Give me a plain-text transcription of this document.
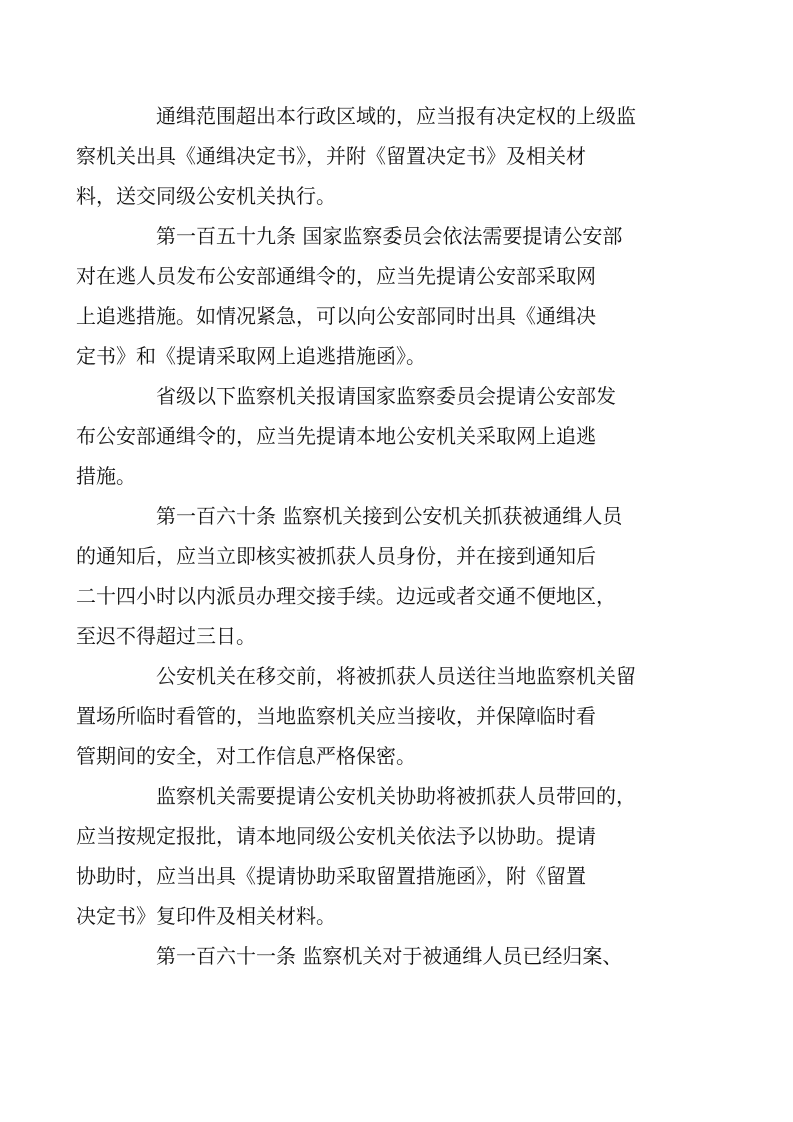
通缉范围超出本行政区域的，应当报有决定权的上级监
察机关出具《通缉决定书》，并附《留置决定书》及相关材
料，送交同级公安机关执行。

第一百五十九条 国家监察委员会依法需要提请公安部
对在逃人员发布公安部通缉令的，应当先提请公安部采取网
上追逃措施。如情况紧急，可以向公安部同时出具《通缉决
定书》和《提请采取网上追逃措施函》。

省级以下监察机关报请国家监察委员会提请公安部发
布公安部通缉令的，应当先提请本地公安机关采取网上追逃
措施。

第一百六十条 监察机关接到公安机关抓获被通缉人员
的通知后，应当立即核实被抓获人员身份，并在接到通知后
二十四小时以内派员办理交接手续。边远或者交通不便地区，
至迟不得超过三日。

公安机关在移交前，将被抓获人员送往当地监察机关留
置场所临时看管的，当地监察机关应当接收，并保障临时看
管期间的安全，对工作信息严格保密。

监察机关需要提请公安机关协助将被抓获人员带回的，
应当按规定报批，请本地同级公安机关依法予以协助。提请
协助时，应当出具《提请协助采取留置措施函》，附《留置
决定书》复印件及相关材料。

第一百六十一条 监察机关对于被通缉人员已经归案、
